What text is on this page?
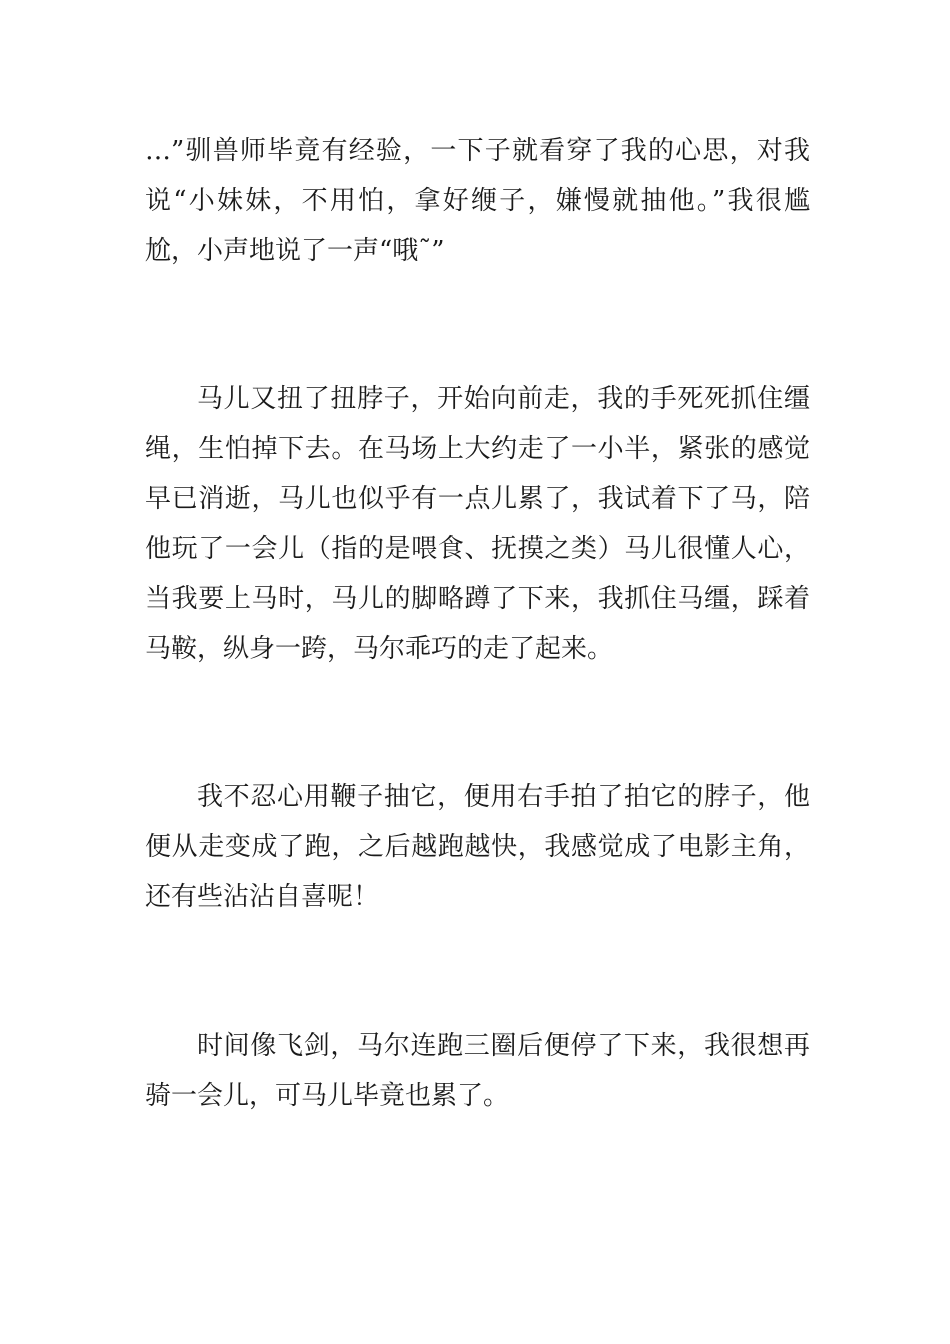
…”驯兽师毕竟有经验，一下子就看穿了我的心思，对我
说“小妹妹，不用怕，拿好缏子，嫌慢就抽他。”我很尴
尬，小声地说了一声“哦˜”
马儿又扭了扭脖子，开始向前走，我的手死死抓住缰
绳，生怕掉下去。在马场上大约走了一小半，紧张的感觉
早已消逝，马儿也似乎有一点儿累了，我试着下了马，陪
他玩了一会儿（指的是喂食、抚摸之类）马儿很懂人心，
当我要上马时，马儿的脚略蹲了下来，我抓住马缰，踩着
马鞍，纵身一跨，马尔乖巧的走了起来。
我不忍心用鞭子抽它，便用右手拍了拍它的脖子，他
便从走变成了跑，之后越跑越快，我感觉成了电影主角，
还有些沾沾自喜呢！
时间像飞剑，马尔连跑三圈后便停了下来，我很想再
骑一会儿，可马儿毕竟也累了。
